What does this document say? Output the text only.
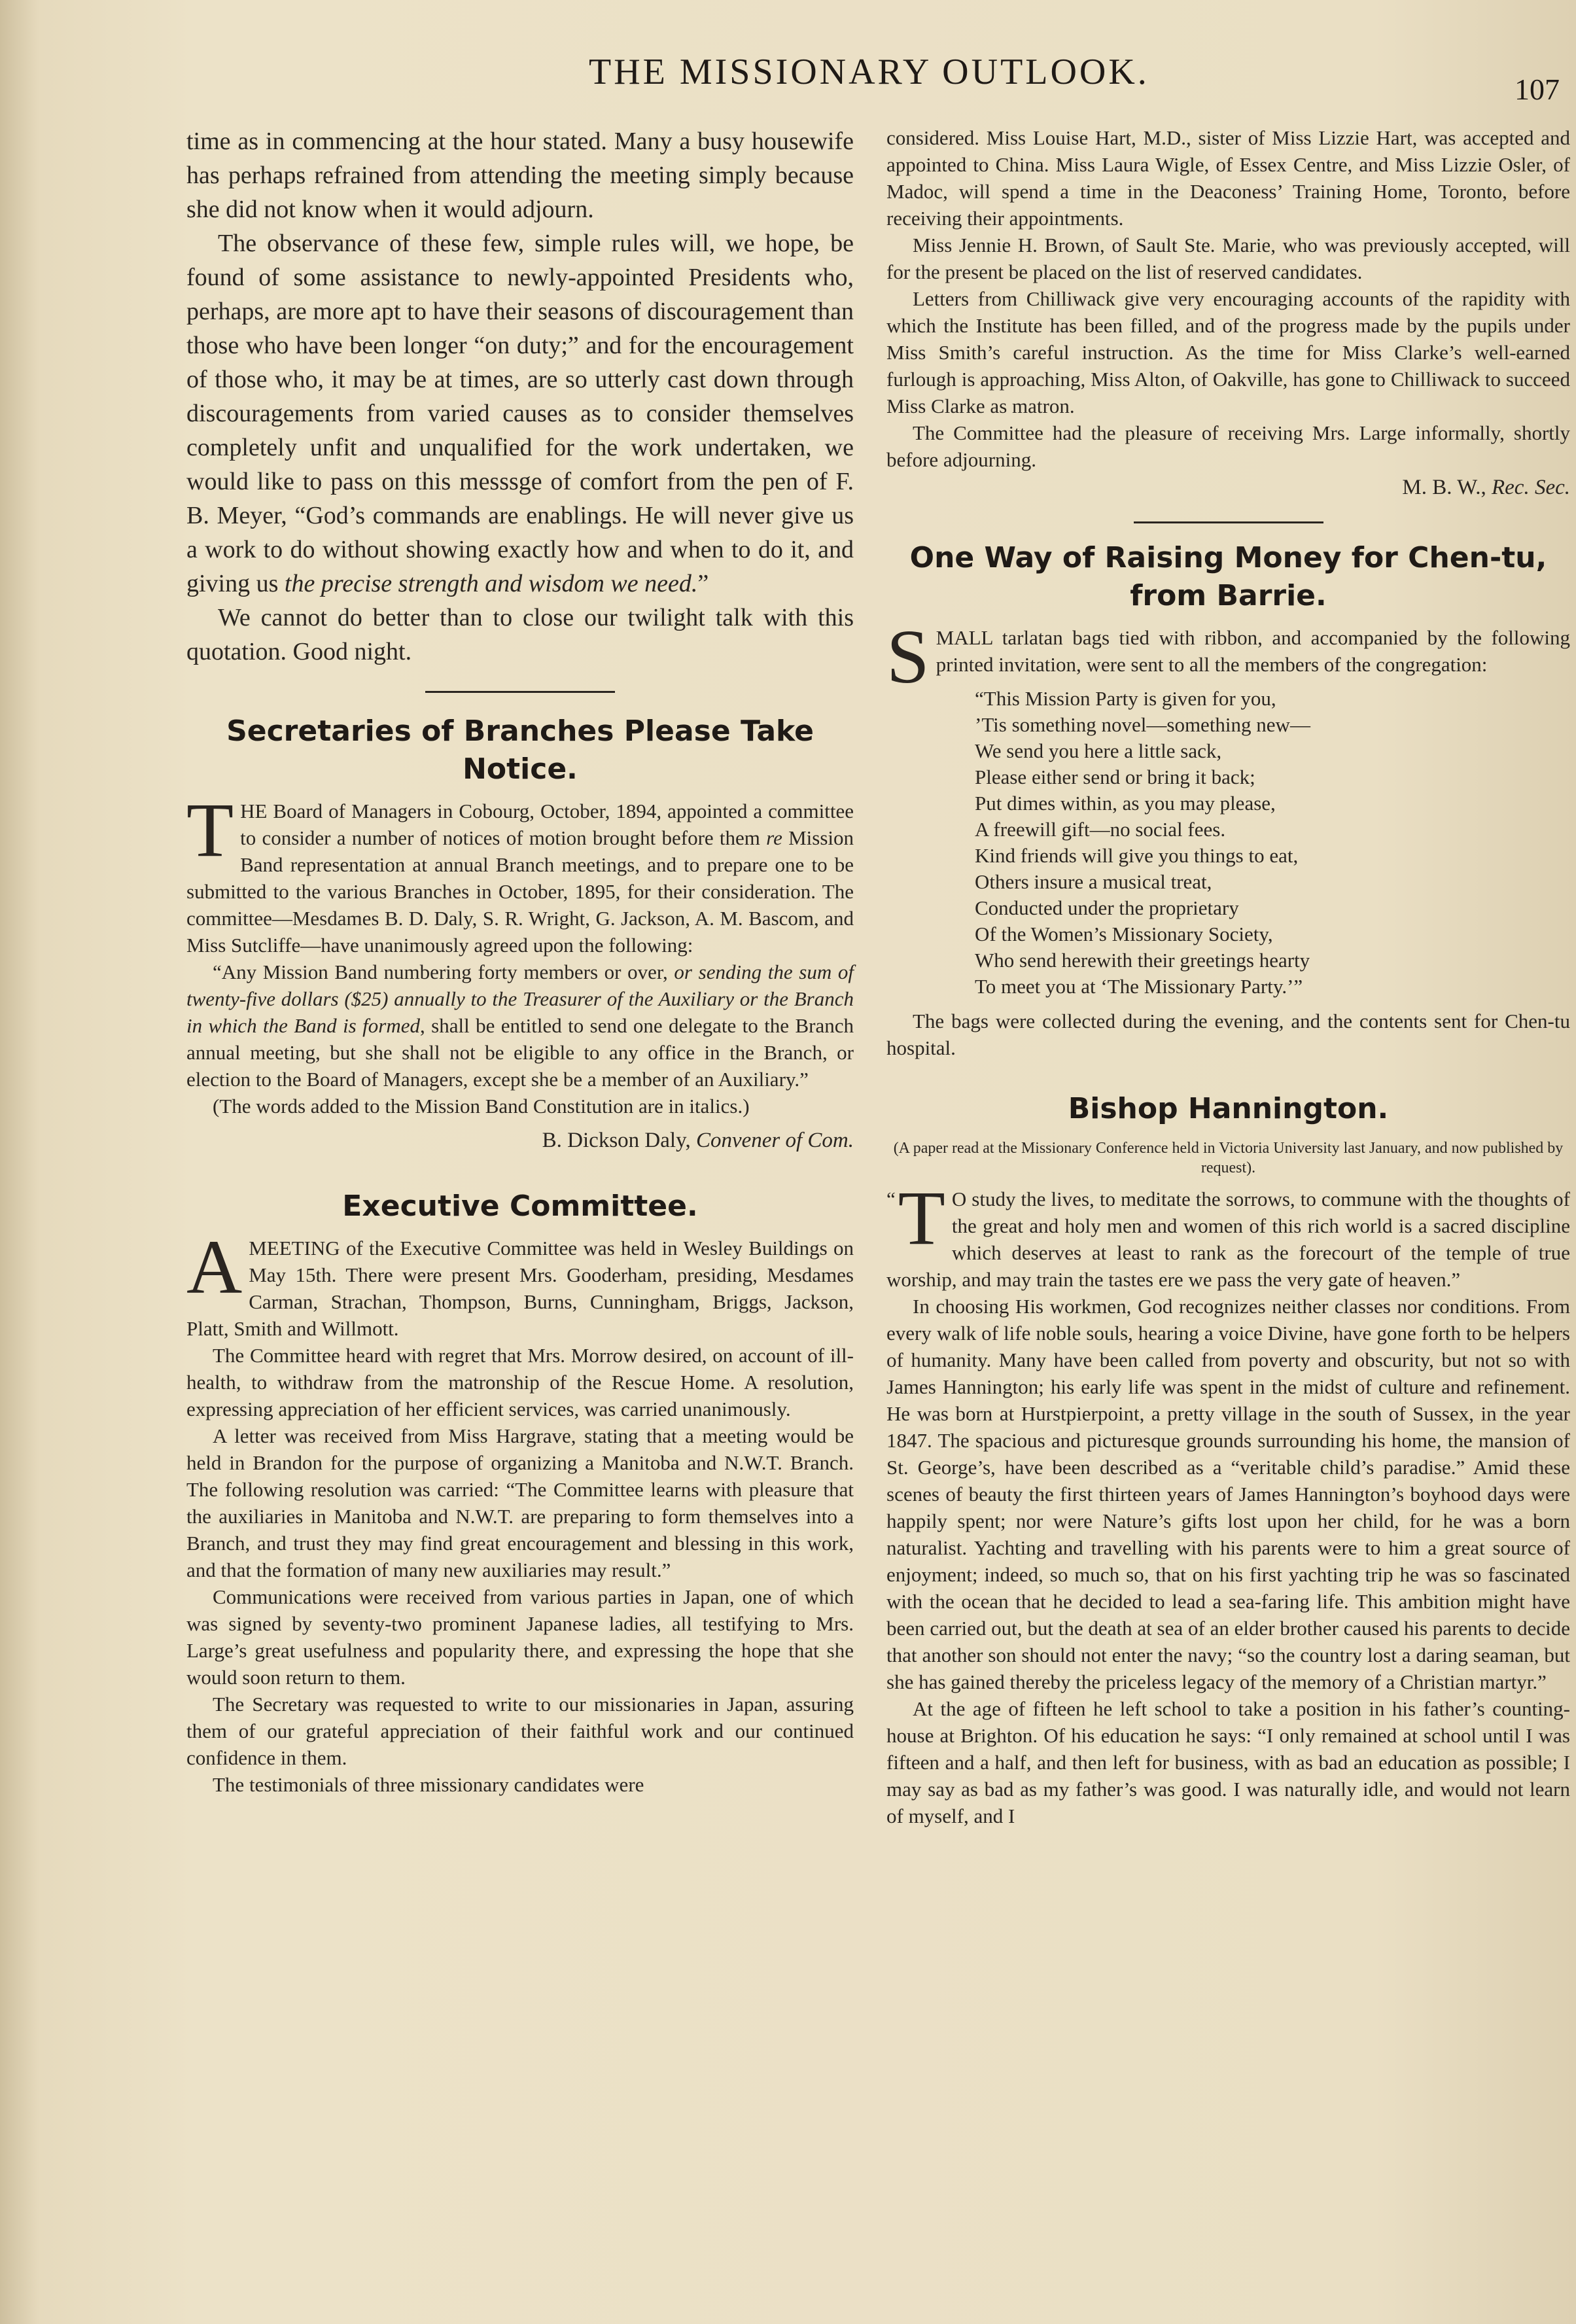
THE MISSIONARY OUTLOOK.	107

time as in commencing at the hour stated. Many a busy housewife has perhaps refrained from attending the meeting simply because she did not know when it would adjourn.

The observance of these few, simple rules will, we hope, be found of some assistance to newly-appointed Presidents who, perhaps, are more apt to have their seasons of discouragement than those who have been longer “on duty;” and for the encouragement of those who, it may be at times, are so utterly cast down through discouragements from varied causes as to consider themselves completely unfit and unqualified for the work undertaken, we would like to pass on this messsge of comfort from the pen of F. B. Meyer, “God’s commands are enablings. He will never give us a work to do without showing exactly how and when to do it, and giving us the precise strength and wisdom we need.”

We cannot do better than to close our twilight talk with this quotation. Good night.

Secretaries of Branches Please Take
Notice.

THE Board of Managers in Cobourg, October, 1894, appointed a committee to consider a number of notices of motion brought before them re Mission Band representation at annual Branch meetings, and to prepare one to be submitted to the various Branches in October, 1895, for their consideration. The committee—Mesdames B. D. Daly, S. R. Wright, G. Jackson, A. M. Bascom, and Miss Sutcliffe—have unanimously agreed upon the following:

“Any Mission Band numbering forty members or over, or sending the sum of twenty-five dollars ($25) annually to the Treasurer of the Auxiliary or the Branch in which the Band is formed, shall be entitled to send one delegate to the Branch annual meeting, but she shall not be eligible to any office in the Branch, or election to the Board of Managers, except she be a member of an Auxiliary.”

(The words added to the Mission Band Constitution are in italics.)

B. Dickson Daly, Convener of Com.

Executive Committee.

A MEETING of the Executive Committee was held in Wesley Buildings on May 15th. There were present Mrs. Gooderham, presiding, Mesdames Carman, Strachan, Thompson, Burns, Cunningham, Briggs, Jackson, Platt, Smith and Willmott.

The Committee heard with regret that Mrs. Morrow desired, on account of ill-health, to withdraw from the matronship of the Rescue Home. A resolution, expressing appreciation of her efficient services, was carried unanimously.

A letter was received from Miss Hargrave, stating that a meeting would be held in Brandon for the purpose of organizing a Manitoba and N.W.T. Branch. The following resolution was carried: “The Committee learns with pleasure that the auxiliaries in Manitoba and N.W.T. are preparing to form themselves into a Branch, and trust they may find great encouragement and blessing in this work, and that the formation of many new auxiliaries may result.”

Communications were received from various parties in Japan, one of which was signed by seventy-two prominent Japanese ladies, all testifying to Mrs. Large’s great usefulness and popularity there, and expressing the hope that she would soon return to them.

The Secretary was requested to write to our missionaries in Japan, assuring them of our grateful appreciation of their faithful work and our continued confidence in them.

The testimonials of three missionary candidates were

considered. Miss Louise Hart, M.D., sister of Miss Lizzie Hart, was accepted and appointed to China. Miss Laura Wigle, of Essex Centre, and Miss Lizzie Osler, of Madoc, will spend a time in the Deaconess’ Training Home, Toronto, before receiving their appointments.

Miss Jennie H. Brown, of Sault Ste. Marie, who was previously accepted, will for the present be placed on the list of reserved candidates.

Letters from Chilliwack give very encouraging accounts of the rapidity with which the Institute has been filled, and of the progress made by the pupils under Miss Smith’s careful instruction. As the time for Miss Clarke’s well-earned furlough is approaching, Miss Alton, of Oakville, has gone to Chilliwack to succeed Miss Clarke as matron.

The Committee had the pleasure of receiving Mrs. Large informally, shortly before adjourning.

M. B. W., Rec. Sec.

One Way of Raising Money for Chen-tu,
from Barrie.

SMALL tarlatan bags tied with ribbon, and accompanied by the following printed invitation, were sent to all the members of the congregation:

“This Mission Party is given for you,
’Tis something novel—something new—
We send you here a little sack,
Please either send or bring it back;
Put dimes within, as you may please,
A freewill gift—no social fees.
Kind friends will give you things to eat,
Others insure a musical treat,
Conducted under the proprietary
Of the Women’s Missionary Society,
Who send herewith their greetings hearty
To meet you at ‘The Missionary Party.’”

The bags were collected during the evening, and the contents sent for Chen-tu hospital.

Bishop Hannington.
(A paper read at the Missionary Conference held in Victoria University last January, and now published by request).

“ T O study the lives, to meditate the sorrows, to commune with the thoughts of the great and holy men and women of this rich world is a sacred discipline which deserves at least to rank as the forecourt of the temple of true worship, and may train the tastes ere we pass the very gate of heaven.”

In choosing His workmen, God recognizes neither classes nor conditions. From every walk of life noble souls, hearing a voice Divine, have gone forth to be helpers of humanity. Many have been called from poverty and obscurity, but not so with James Hannington; his early life was spent in the midst of culture and refinement. He was born at Hurstpierpoint, a pretty village in the south of Sussex, in the year 1847. The spacious and picturesque grounds surrounding his home, the mansion of St. George’s, have been described as a “veritable child’s paradise.” Amid these scenes of beauty the first thirteen years of James Hannington’s boyhood days were happily spent; nor were Nature’s gifts lost upon her child, for he was a born naturalist. Yachting and travelling with his parents were to him a great source of enjoyment; indeed, so much so, that on his first yachting trip he was so fascinated with the ocean that he decided to lead a sea-faring life. This ambition might have been carried out, but the death at sea of an elder brother caused his parents to decide that another son should not enter the navy; “so the country lost a daring seaman, but she has gained thereby the priceless legacy of the memory of a Christian martyr.”

At the age of fifteen he left school to take a position in his father’s counting-house at Brighton. Of his education he says: “I only remained at school until I was fifteen and a half, and then left for business, with as bad an education as possible; I may say as bad as my father’s was good. I was naturally idle, and would not learn of myself, and I
